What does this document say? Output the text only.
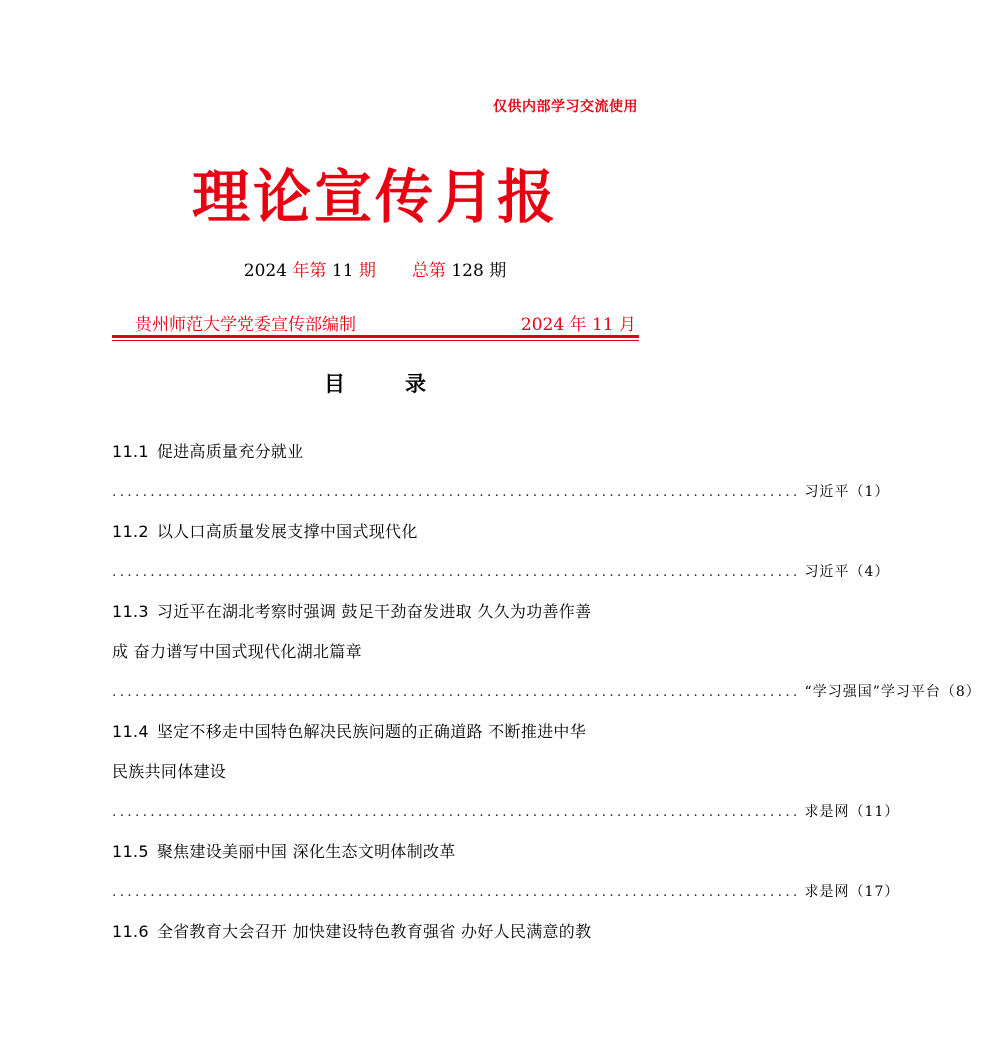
仅供内部学习交流使用
理论宣传月报
2024 年第 11 期 总第 128 期
贵州师范大学党委宣传部编制	2024 年 11 月
目录
11.1 促进高质量充分就业
.......................................................................................... 习近平（1）
11.2 以人口高质量发展支撑中国式现代化
.......................................................................................... 习近平（4）
11.3 习近平在湖北考察时强调 鼓足干劲奋发进取 久久为功善作善
成 奋力谱写中国式现代化湖北篇章
.......................................................................................... “学习强国”学习平台（8）
11.4 坚定不移走中国特色解决民族问题的正确道路 不断推进中华
民族共同体建设
.......................................................................................... 求是网（11）
11.5 聚焦建设美丽中国 深化生态文明体制改革
.......................................................................................... 求是网（17）
11.6 全省教育大会召开 加快建设特色教育强省 办好人民满意的教
